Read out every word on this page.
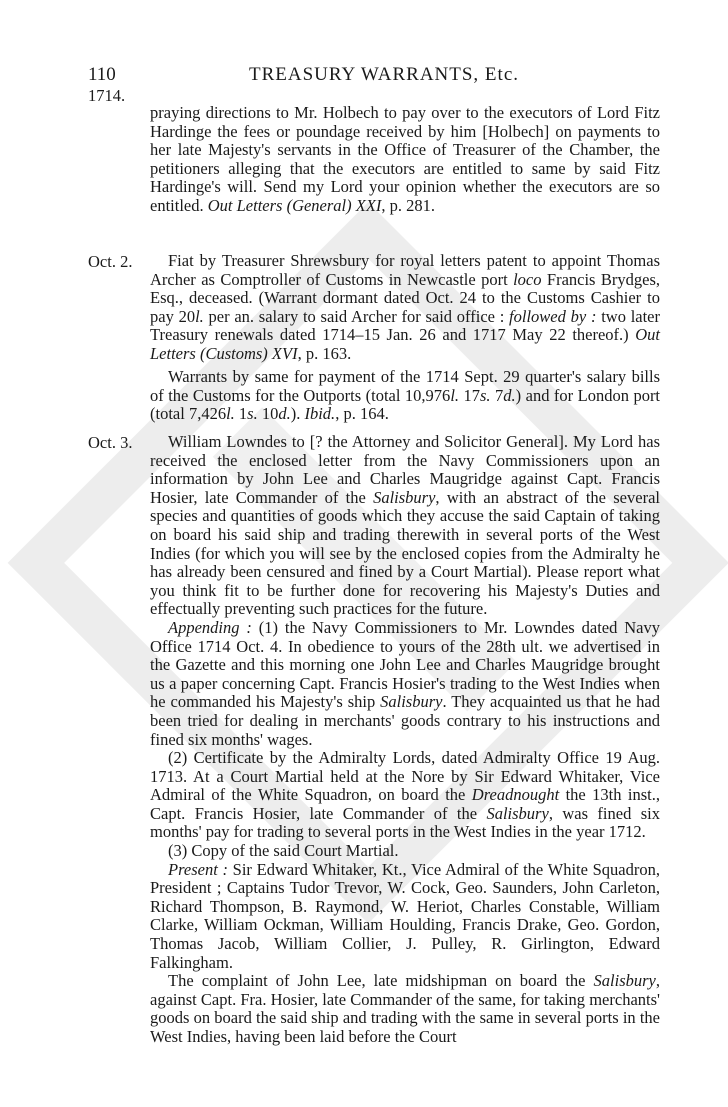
110	TREASURY WARRANTS, Etc.
1714.
Oct. 2.
Oct. 3.

praying directions to Mr. Holbech to pay over to the executors of Lord Fitz Hardinge the fees or poundage received by him [Holbech] on payments to her late Majesty's servants in the Office of Treasurer of the Chamber, the petitioners alleging that the executors are entitled to same by said Fitz Hardinge's will. Send my Lord your opinion whether the executors are so entitled. Out Letters (General) XXI, p. 281.

Fiat by Treasurer Shrewsbury for royal letters patent to appoint Thomas Archer as Comptroller of Customs in Newcastle port loco Francis Brydges, Esq., deceased. (Warrant dormant dated Oct. 24 to the Customs Cashier to pay 20l. per an. salary to said Archer for said office : followed by : two later Treasury renewals dated 1714–15 Jan. 26 and 1717 May 22 thereof.) Out Letters (Customs) XVI, p. 163.

Warrants by same for payment of the 1714 Sept. 29 quarter's salary bills of the Customs for the Outports (total 10,976l. 17s. 7d.) and for London port (total 7,426l. 1s. 10d.). Ibid., p. 164.

William Lowndes to [? the Attorney and Solicitor General]. My Lord has received the enclosed letter from the Navy Commissioners upon an information by John Lee and Charles Maugridge against Capt. Francis Hosier, late Commander of the Salisbury, with an abstract of the several species and quantities of goods which they accuse the said Captain of taking on board his said ship and trading therewith in several ports of the West Indies (for which you will see by the enclosed copies from the Admiralty he has already been censured and fined by a Court Martial). Please report what you think fit to be further done for recovering his Majesty's Duties and effectually preventing such practices for the future.

Appending : (1) the Navy Commissioners to Mr. Lowndes dated Navy Office 1714 Oct. 4. In obedience to yours of the 28th ult. we advertised in the Gazette and this morning one John Lee and Charles Maugridge brought us a paper concerning Capt. Francis Hosier's trading to the West Indies when he commanded his Majesty's ship Salisbury. They acquainted us that he had been tried for dealing in merchants' goods contrary to his instructions and fined six months' wages.

(2) Certificate by the Admiralty Lords, dated Admiralty Office 19 Aug. 1713. At a Court Martial held at the Nore by Sir Edward Whitaker, Vice Admiral of the White Squadron, on board the Dreadnought the 13th inst., Capt. Francis Hosier, late Commander of the Salisbury, was fined six months' pay for trading to several ports in the West Indies in the year 1712.

(3) Copy of the said Court Martial.

Present : Sir Edward Whitaker, Kt., Vice Admiral of the White Squadron, President ; Captains Tudor Trevor, W. Cock, Geo. Saunders, John Carleton, Richard Thompson, B. Raymond, W. Heriot, Charles Constable, William Clarke, William Ockman, William Houlding, Francis Drake, Geo. Gordon, Thomas Jacob, William Collier, J. Pulley, R. Girlington, Edward Falkingham.

The complaint of John Lee, late midshipman on board the Salisbury, against Capt. Fra. Hosier, late Commander of the same, for taking merchants' goods on board the said ship and trading with the same in several ports in the West Indies, having been laid before the Court
